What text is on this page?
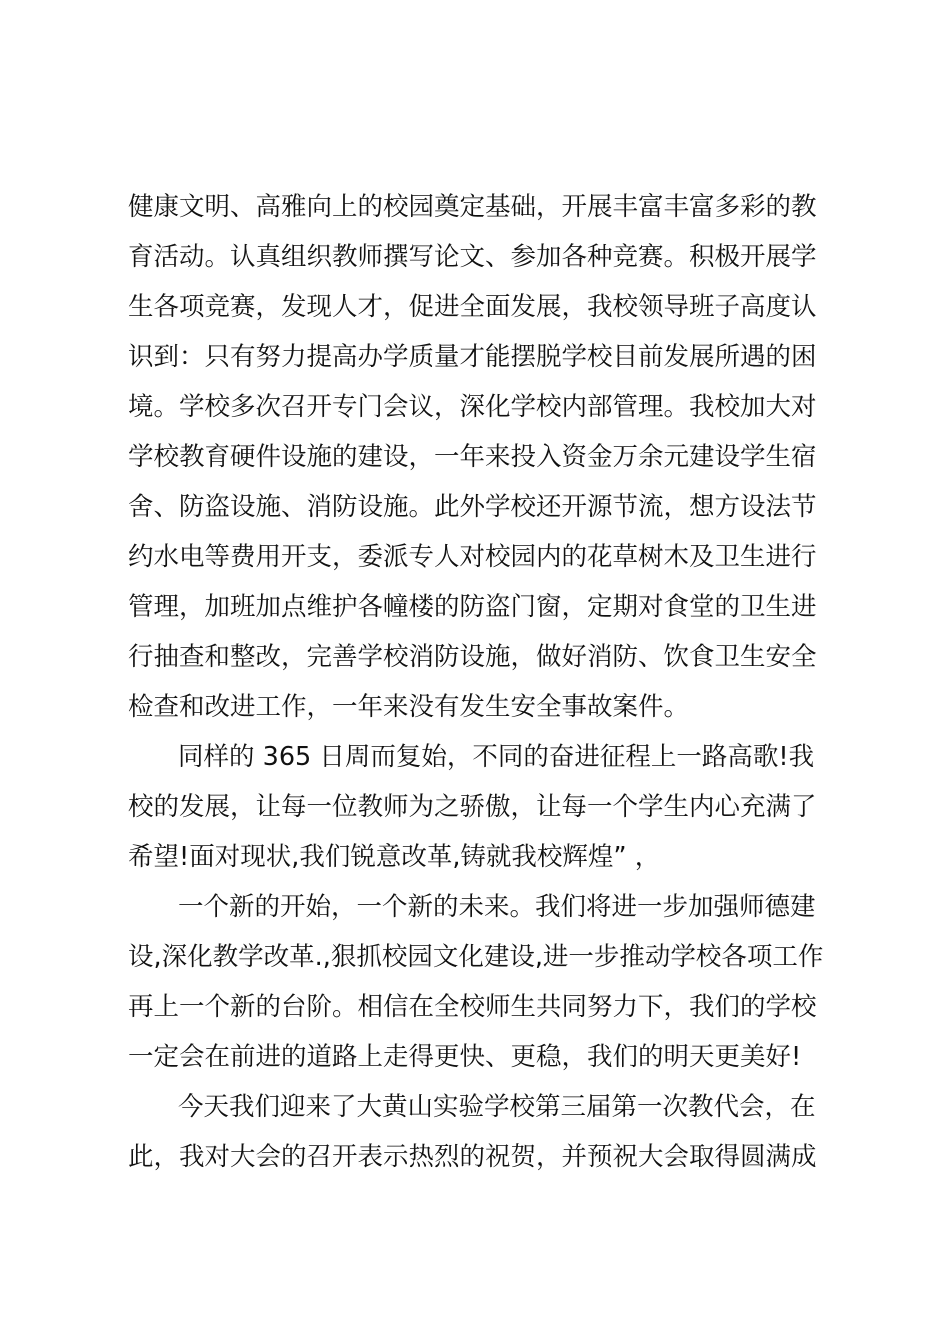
健康文明、高雅向上的校园奠定基础，开展丰富丰富多彩的教
育活动。认真组织教师撰写论文、参加各种竞赛。积极开展学
生各项竞赛，发现人才，促进全面发展，我校领导班子高度认
识到：只有努力提高办学质量才能摆脱学校目前发展所遇的困
境。学校多次召开专门会议，深化学校内部管理。我校加大对
学校教育硬件设施的建设，一年来投入资金万余元建设学生宿
舍、防盗设施、消防设施。此外学校还开源节流，想方设法节
约水电等费用开支，委派专人对校园内的花草树木及卫生进行
管理，加班加点维护各幢楼的防盗门窗，定期对食堂的卫生进
行抽查和整改，完善学校消防设施，做好消防、饮食卫生安全
检查和改进工作，一年来没有发生安全事故案件。
同样的 365 日周而复始，不同的奋进征程上一路高歌!我
校的发展，让每一位教师为之骄傲，让每一个学生内心充满了
希望!面对现状,我们锐意改革,铸就我校辉煌” ，
一个新的开始，一个新的未来。我们将进一步加强师德建
设,深化教学改革.,狠抓校园文化建设,进一步推动学校各项工作
再上一个新的台阶。相信在全校师生共同努力下，我们的学校
一定会在前进的道路上走得更快、更稳，我们的明天更美好!
今天我们迎来了大黄山实验学校第三届第一次教代会，在
此，我对大会的召开表示热烈的祝贺，并预祝大会取得圆满成
